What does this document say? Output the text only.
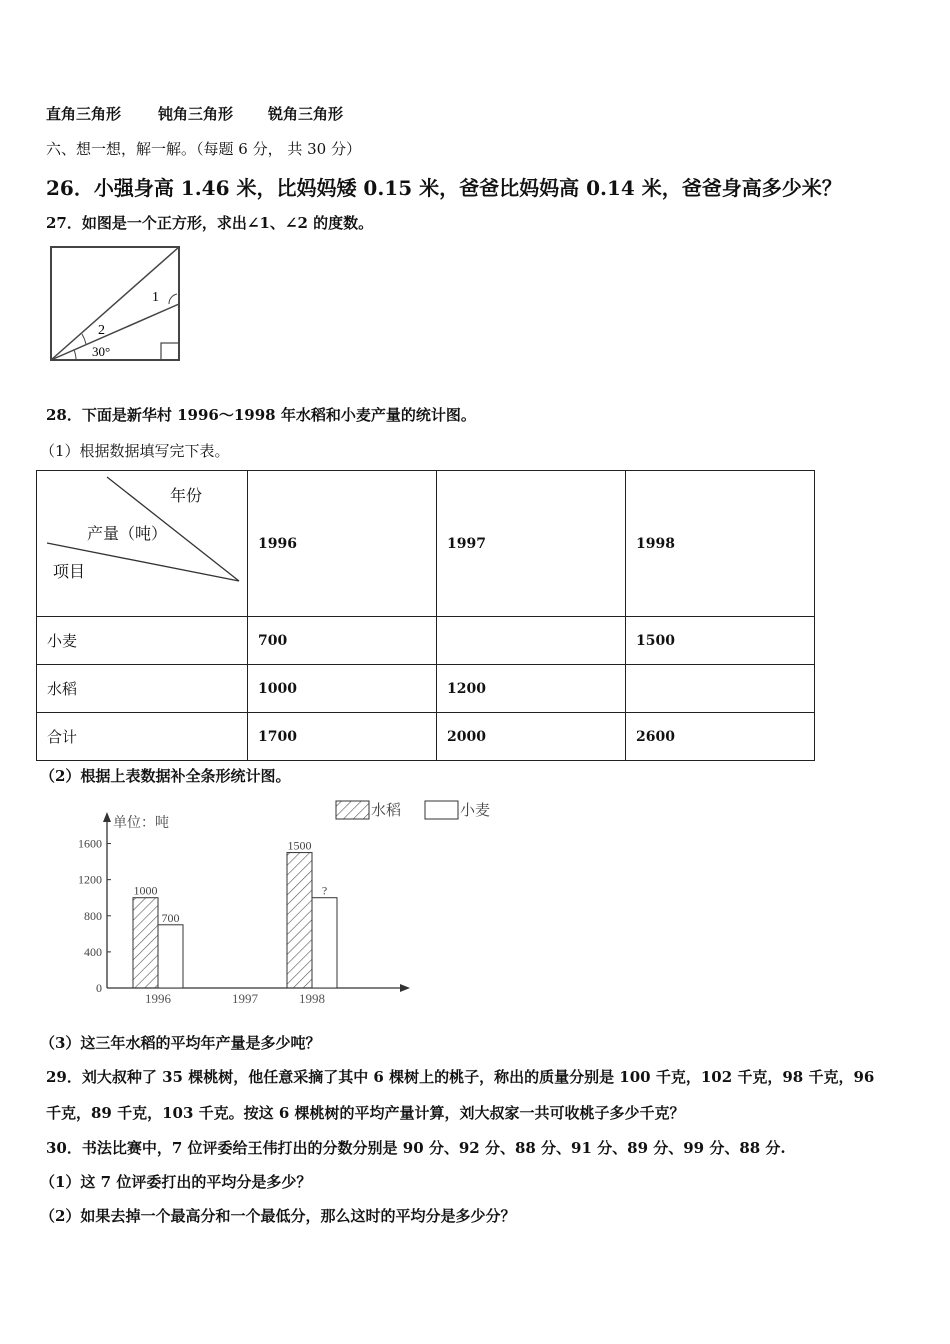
直角三角形 钝角三角形 锐角三角形
六、想一想，解一解。（每题 6 分， 共 30 分）
26．小强身高 1.46 米，比妈妈矮 0.15 米，爸爸比妈妈高 0.14 米，爸爸身高多少米？
27．如图是一个正方形，求出∠1、∠2 的度数。
1
2
30°
28．下面是新华村 1996～1998 年水稻和小麦产量的统计图。
（1）根据数据填写完下表。
年份
产量（吨）
项目	1996	1997	1998
小麦	700		1500
水稻	1000	1200	
合计	1700	2000	2600
（2）根据上表数据补全条形统计图。
水稻	小麦
单位：吨
0
400
800
1200
1600
1996	1997	1998
1000
700
1500
?
（3）这三年水稻的平均年产量是多少吨？
29．刘大叔种了 35 棵桃树，他任意采摘了其中 6 棵树上的桃子，称出的质量分别是 100 千克，102 千克，98 千克，96
千克，89 千克，103 千克。按这 6 棵桃树的平均产量计算，刘大叔家一共可收桃子多少千克？
30．书法比赛中，7 位评委给王伟打出的分数分别是 90 分、92 分、88 分、91 分、89 分、99 分、88 分.
（1）这 7 位评委打出的平均分是多少？
（2）如果去掉一个最高分和一个最低分，那么这时的平均分是多少分？
